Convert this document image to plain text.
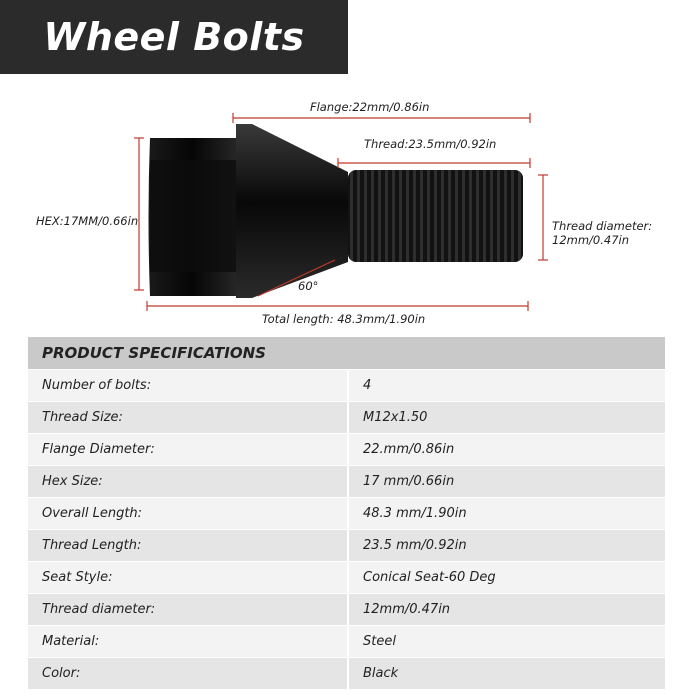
Wheel Bolts
Flange:22mm/0.86in
Thread:23.5mm/0.92in
HEX:17MM/0.66in	Thread diameter:
12mm/0.47in
60°
Total length: 48.3mm/1.90in
PRODUCT SPECIFICATIONS
Number of bolts:	4
Thread Size:	M12x1.50
Flange Diameter:	22.mm/0.86in
Hex Size:	17 mm/0.66in
Overall Length:	48.3 mm/1.90in
Thread Length:	23.5 mm/0.92in
Seat Style:	Conical Seat-60 Deg
Thread diameter:	12mm/0.47in
Material:	Steel
Color:	Black
